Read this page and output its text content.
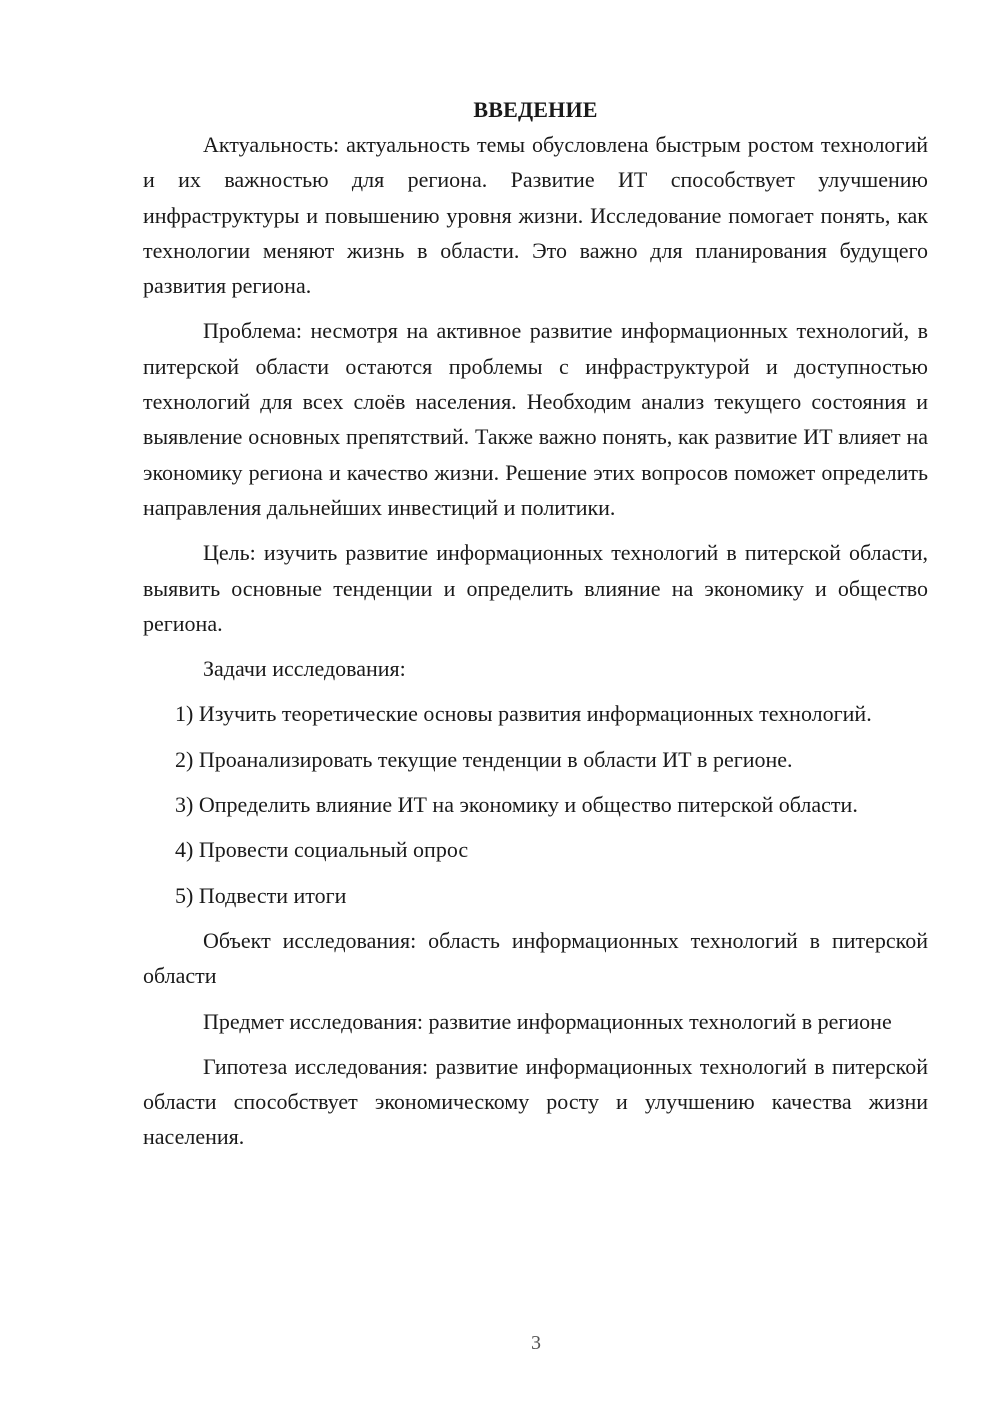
ВВЕДЕНИЕ

Актуальность: актуальность темы обусловлена быстрым ростом технологий и их важностью для региона. Развитие ИТ способствует улучшению инфраструктуры и повышению уровня жизни. Исследование помогает понять, как технологии меняют жизнь в области. Это важно для планирования будущего развития региона.

Проблема: несмотря на активное развитие информационных технологий, в питерской области остаются проблемы с инфраструктурой и доступностью технологий для всех слоёв населения. Необходим анализ текущего состояния и выявление основных препятствий. Также важно понять, как развитие ИТ влияет на экономику региона и качество жизни. Решение этих вопросов поможет определить направления дальнейших инвестиций и политики.

Цель: изучить развитие информационных технологий в питерской области, выявить основные тенденции и определить влияние на экономику и общество региона.

Задачи исследования:

1) Изучить теоретические основы развития информационных технологий.

2) Проанализировать текущие тенденции в области ИТ в регионе.

3) Определить влияние ИТ на экономику и общество питерской области.

4) Провести социальный опрос

5) Подвести итоги

Объект исследования: область информационных технологий в питерской области

Предмет исследования: развитие информационных технологий в регионе

Гипотеза исследования: развитие информационных технологий в питерской области способствует экономическому росту и улучшению качества жизни населения.

3
